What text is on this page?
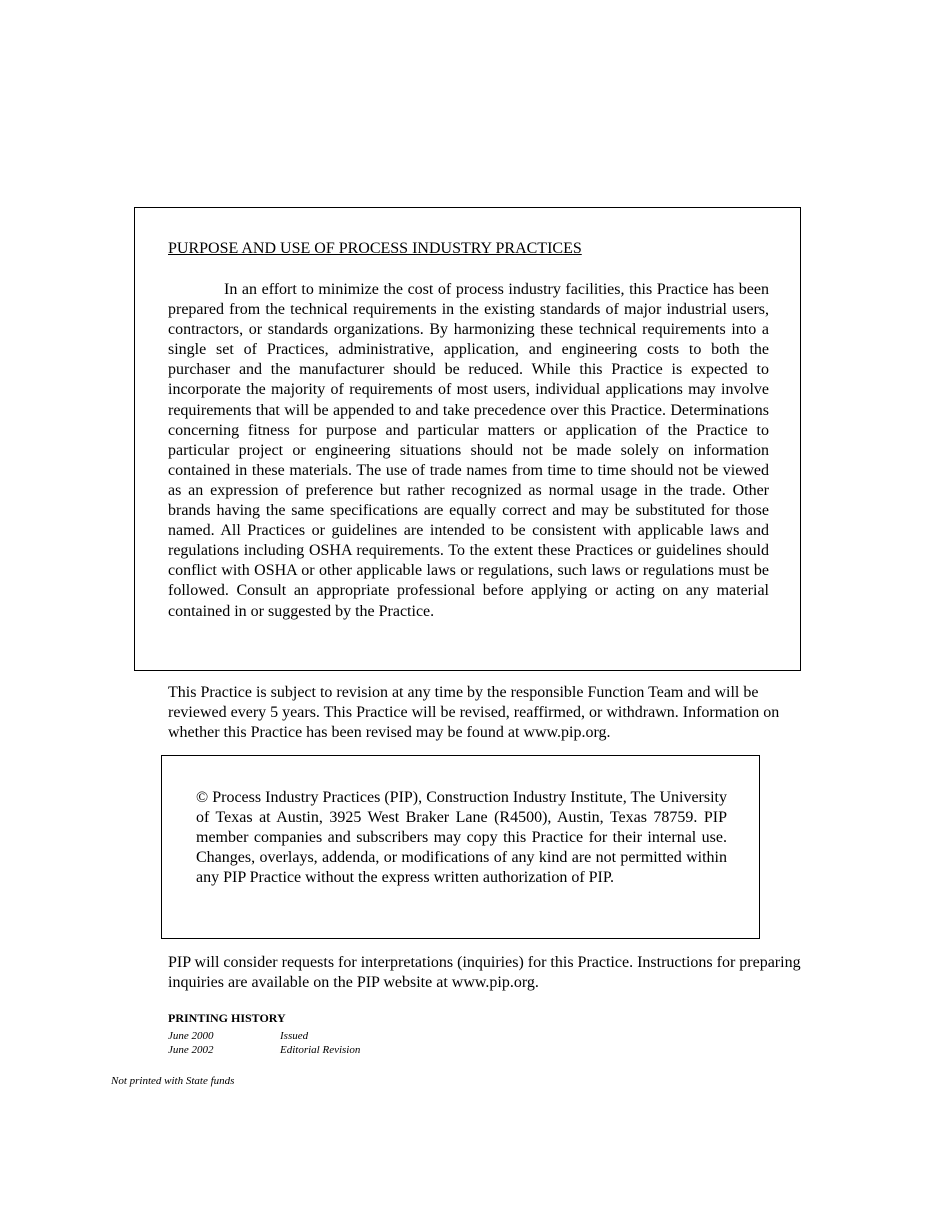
PURPOSE AND USE OF PROCESS INDUSTRY PRACTICES

In an effort to minimize the cost of process industry facilities, this Practice has been prepared from the technical requirements in the existing standards of major industrial users, contractors, or standards organizations. By harmonizing these technical requirements into a single set of Practices, administrative, application, and engineering costs to both the purchaser and the manufacturer should be reduced. While this Practice is expected to incorporate the majority of requirements of most users, individual applications may involve requirements that will be appended to and take precedence over this Practice. Determinations concerning fitness for purpose and particular matters or application of the Practice to particular project or engineering situations should not be made solely on information contained in these materials. The use of trade names from time to time should not be viewed as an expression of preference but rather recognized as normal usage in the trade. Other brands having the same specifications are equally correct and may be substituted for those named. All Practices or guidelines are intended to be consistent with applicable laws and regulations including OSHA requirements. To the extent these Practices or guidelines should conflict with OSHA or other applicable laws or regulations, such laws or regulations must be followed. Consult an appropriate professional before applying or acting on any material contained in or suggested by the Practice.

This Practice is subject to revision at any time by the responsible Function Team and will be reviewed every 5 years. This Practice will be revised, reaffirmed, or withdrawn. Information on whether this Practice has been revised may be found at www.pip.org.

© Process Industry Practices (PIP), Construction Industry Institute, The University of Texas at Austin, 3925 West Braker Lane (R4500), Austin, Texas 78759. PIP member companies and subscribers may copy this Practice for their internal use. Changes, overlays, addenda, or modifications of any kind are not permitted within any PIP Practice without the express written authorization of PIP.

PIP will consider requests for interpretations (inquiries) for this Practice. Instructions for preparing inquiries are available on the PIP website at www.pip.org.

PRINTING HISTORY
June 2000	Issued
June 2002	Editorial Revision
Not printed with State funds
